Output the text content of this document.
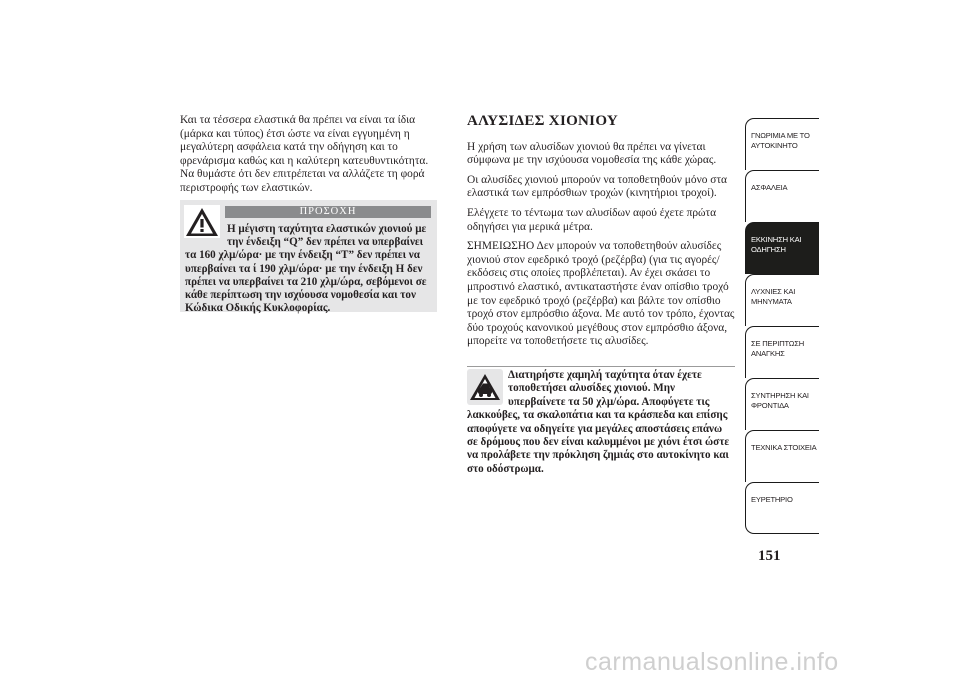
Και τα τέσσερα ελαστικά θα πρέπει να είναι τα ίδια (μάρκα και τύπος) έτσι ώστε να είναι εγγυημένη η μεγαλύτερη ασφάλεια κατά την οδήγηση και το φρενάρισμα καθώς και η καλύτερη κατευθυντικότητα. Να θυμάστε ότι δεν επιτρέπεται να αλλάζετε τη φορά περιστροφής των ελαστικών.

ΠΡΟΣΟΧΗ
Η μέγιστη ταχύτητα ελαστικών χιονιού με την ένδειξη “Q” δεν πρέπει να υπερβαίνει τα 160 χλμ/ώρα· με την ένδειξη “T” δεν πρέπει να υπερβαίνει τα ί 190 χλμ/ώρα· με την ένδειξη H δεν πρέπει να υπερβαίνει τα 210 χλμ/ώρα, σεβόμενοι σε κάθε περίπτωση την ισχύουσα νομοθεσία και τον Κώδικα Οδικής Κυκλοφορίας.
ΑΛΥΣΙΔΕΣ ΧΙΟΝΙΟΥ

Η χρήση των αλυσίδων χιονιού θα πρέπει να γίνεται σύμφωνα με την ισχύουσα νομοθεσία της κάθε χώρας.

Οι αλυσίδες χιονιού μπορούν να τοποθετηθούν μόνο στα ελαστικά των εμπρόσθιων τροχών (κινητήριοι τροχοί).

Ελέγχετε το τέντωμα των αλυσίδων αφού έχετε πρώτα οδηγήσει για μερικά μέτρα.

ΣΗΜΕΙΩΣΗΟ Δεν μπορούν να τοποθετηθούν αλυσίδες χιονιού στον εφεδρικό τροχό (ρεζέρβα) (για τις αγορές/εκδόσεις στις οποίες προβλέπεται). Αν έχει σκάσει το μπροστινό ελαστικό, αντικαταστήστε έναν οπίσθιο τροχό με τον εφεδρικό τροχό (ρεζέρβα) και βάλτε τον οπίσθιο τροχό στον εμπρόσθιο άξονα. Με αυτό τον τρόπο, έχοντας δύο τροχούς κανονικού μεγέθους στον εμπρόσθιο άξονα, μπορείτε να τοποθετήσετε τις αλυσίδες.

Διατηρήστε χαμηλή ταχύτητα όταν έχετε τοποθετήσει αλυσίδες χιονιού. Μην υπερβαίνετε τα 50 χλμ/ώρα. Αποφύγετε τις λακκούβες, τα σκαλοπάτια και τα κράσπεδα και επίσης αποφύγετε να οδηγείτε για μεγάλες αποστάσεις επάνω σε δρόμους που δεν είναι καλυμμένοι με χιόνι έτσι ώστε να προλάβετε την πρόκληση ζημιάς στο αυτοκίνητο και στο οδόστρωμα.
ΓΝΩΡΙΜΙΑ ΜΕ ΤΟ ΑΥΤΟΚΙΝΗΤΟ
ΑΣΦΑΛΕΙΑ
ΕΚΚΙΝΗΣΗ ΚΑΙ ΟΔΗΓΗΣΗ
ΛΥΧΝΙΕΣ ΚΑΙ ΜΗΝΥΜΑΤΑ
ΣΕ ΠΕΡΙΠΤΩΣΗ ΑΝΑΓΚΗΣ
ΣΥΝΤΗΡΗΣΗ ΚΑΙ ΦΡΟΝΤΙΔΑ
ΤΕΧΝΙΚΑ ΣΤΟΙΧΕΙΑ
ΕΥΡΕΤΗΡΙΟ
151
carmanualsonline.info
